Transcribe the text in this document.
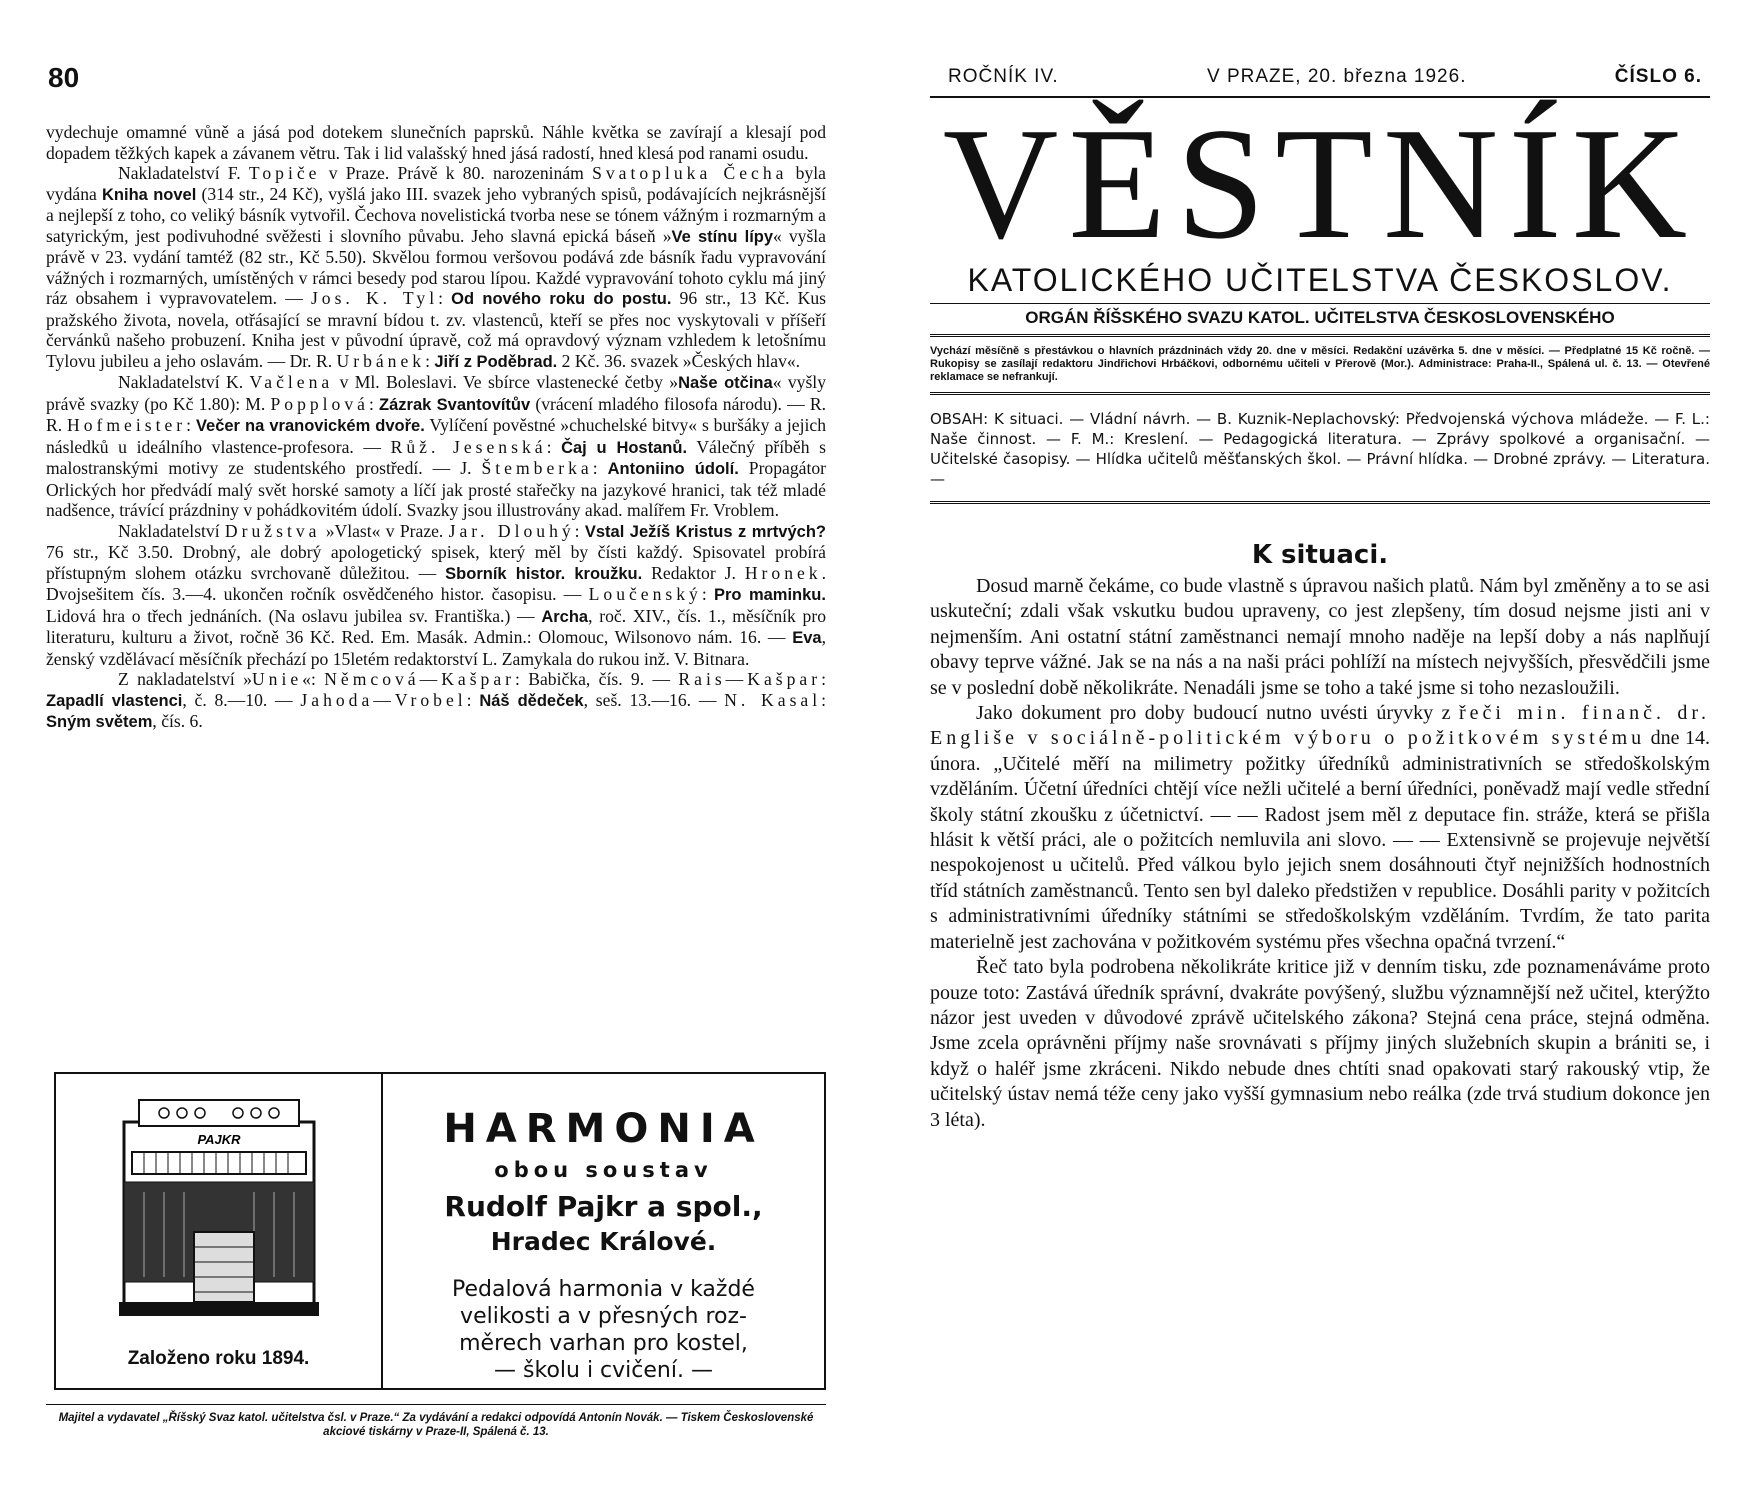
80

vydechuje omamné vůně a jásá pod dotekem slunečních paprsků. Náhle květka se zavírají a klesají pod dopadem těžkých kapek a závanem větru. Tak i lid valašský hned jásá radostí, hned klesá pod ranami osudu.

Nakladatelství F. Topiče v Praze. Právě k 80. narozeninám Svatopluka Čecha byla vydána Kniha novel (314 str., 24 Kč), vyšlá jako III. svazek jeho vybraných spisů, podávajících nejkrásnější a nejlepší z toho, co veliký básník vytvořil. Čechova novelistická tvorba nese se tónem vážným i rozmarným a satyrickým, jest podivuhodné svěžesti i slovního půvabu. Jeho slavná epická báseň »Ve stínu lípy« vyšla právě v 23. vydání tamtéž (82 str., Kč 5.50). Skvělou formou veršovou podává zde básník řadu vypravování vážných i rozmarných, umístěných v rámci besedy pod starou lípou. Každé vypravování tohoto cyklu má jiný ráz obsahem i vypravovatelem. — Jos. K. Tyl: Od nového roku do postu. 96 str., 13 Kč. Kus pražského života, novela, otřásající se mravní bídou t. zv. vlastenců, kteří se přes noc vyskytovali v příšeří červánků našeho probuzení. Kniha jest v původní úpravě, což má opravdový význam vzhledem k letošnímu Tylovu jubileu a jeho oslavám. — Dr. R. Urbánek: Jiří z Poděbrad. 2 Kč. 36. svazek »Českých hlav«.

Nakladatelství K. Vačlena v Ml. Boleslavi. Ve sbírce vlastenecké četby »Naše otčina« vyšly právě svazky (po Kč 1.80): M. Popplová: Zázrak Svantovítův (vrácení mladého filosofa národu). — R. R. Hofmeister: Večer na vranovickém dvoře. Vylíčení pověstné »chuchelské bitvy« s buršáky a jejich následků u ideálního vlastence-profesora. — Růž. Jesenská: Čaj u Hostanů. Válečný příběh s malostranskými motivy ze studentského prostředí. — J. Štemberka: Antoniino údolí. Propagátor Orlických hor předvádí malý svět horské samoty a líčí jak prosté stařečky na jazykové hranici, tak též mladé nadšence, trávící prázdniny v pohádkovitém údolí. Svazky jsou illustrovány akad. malířem Fr. Vroblem.

Nakladatelství Družstva »Vlast« v Praze. Jar. Dlouhý: Vstal Ježíš Kristus z mrtvých? 76 str., Kč 3.50. Drobný, ale dobrý apologetický spisek, který měl by čísti každý. Spisovatel probírá přístupným slohem otázku svrchovaně důležitou. — Sborník histor. kroužku. Redaktor J. Hronek. Dvojsešitem čís. 3.—4. ukončen ročník osvědčeného histor. časopisu. — Loučenský: Pro maminku. Lidová hra o třech jednáních. (Na oslavu jubilea sv. Františka.) — Archa, roč. XIV., čís. 1., měsíčník pro literaturu, kulturu a život, ročně 36 Kč. Red. Em. Masák. Admin.: Olomouc, Wilsonovo nám. 16. — Eva, ženský vzdělávací měsíčník přechází po 15letém redaktorství L. Zamykala do rukou inž. V. Bitnara.

Z nakladatelství »Unie«: Němcová—Kašpar: Babička, čís. 9. — Rais—Kašpar: Zapadlí vlastenci, č. 8.—10. — Jahoda—Vrobel: Náš dědeček, seš. 13.—16. — N. Kasal: Sným světem, čís. 6.

PAJKR
Založeno roku 1894.
HARMONIA
obou soustav
Rudolf Pajkr a spol.,
Hradec Králové.
Pedalová harmonia v každé
velikosti a v přesných roz-
měrech varhan pro kostel,
— školu i cvičení. —
Majitel a vydavatel „Říšský Svaz katol. učitelstva čsl. v Praze.“ Za vydávání a redakci odpovídá Antonín Novák. — Tiskem Československé akciové tiskárny v Praze-II, Spálená č. 13.
ROČNÍK IV.	V PRAZE, 20. března 1926.	ČÍSLO 6.
VĚSTNÍK
KATOLICKÉHO UČITELSTVA ČESKOSLOV.
ORGÁN ŘÍŠSKÉHO SVAZU KATOL. UČITELSTVA ČESKOSLOVENSKÉHO
Vychází měsíčně s přestávkou o hlavních prázdninách vždy 20. dne v měsíci. Redakční uzávěrka 5. dne v měsíci. — Předplatné 15 Kč ročně. — Rukopisy se zasílají redaktoru Jindřichovi Hrbáčkovi, odbornému učiteli v Přerově (Mor.). Administrace: Praha-II., Spálená ul. č. 13. — Otevřené reklamace se nefrankují.
OBSAH: K situaci. — Vládní návrh. — B. Kuznik-Neplachovský: Předvojenská výchova mládeže. — F. L.: Naše činnost. — F. M.: Kreslení. — Pedagogická literatura. — Zprávy spolkové a organisační. — Učitelské časopisy. — Hlídka učitelů měšťanských škol. — Právní hlídka. — Drobné zprávy. — Literatura. —
K situaci.

Dosud marně čekáme, co bude vlastně s úpravou našich platů. Nám byl změněny a to se asi uskuteční; zdali však vskutku budou upraveny, co jest zlepšeny, tím dosud nejsme jisti ani v nejmenším. Ani ostatní státní zaměstnanci nemají mnoho naděje na lepší doby a nás naplňují obavy teprve vážné. Jak se na nás a na naši práci pohlíží na místech nejvyšších, přesvědčili jsme se v poslední době několikráte. Nenadáli jsme se toho a také jsme si toho nezasloužili.

Jako dokument pro doby budoucí nutno uvésti úryvky z řeči min. finanč. dr. Engliše v sociálně-politickém výboru o požitkovém systému dne 14. února. „Učitelé měří na milimetry požitky úředníků administrativních se středoškolským vzděláním. Účetní úředníci chtějí více nežli učitelé a berní úředníci, poněvadž mají vedle střední školy státní zkoušku z účetnictví. — — Radost jsem měl z deputace fin. stráže, která se přišla hlásit k větší práci, ale o požitcích nemluvila ani slovo. — — Extensivně se projevuje největší nespokojenost u učitelů. Před válkou bylo jejich snem dosáhnouti čtyř nejnižších hodnostních tříd státních zaměstnanců. Tento sen byl daleko předstižen v republice. Dosáhli parity v požitcích s administrativními úředníky státními se středoškolským vzděláním. Tvrdím, že tato parita materielně jest zachována v požitkovém systému přes všechna opačná tvrzení.“

Řeč tato byla podrobena několikráte kritice již v denním tisku, zde poznamenáváme proto pouze toto: Zastává úředník správní, dvakráte povýšený, službu významnější než učitel, kterýžto názor jest uveden v důvodové zprávě učitelského zákona? Stejná cena práce, stejná odměna. Jsme zcela oprávněni příjmy naše srovnávati s příjmy jiných služebních skupin a brániti se, i když o haléř jsme zkráceni. Nikdo nebude dnes chtíti snad opakovati starý rakouský vtip, že učitelský ústav nemá téže ceny jako vyšší gymnasium nebo reálka (zde trvá studium dokonce jen 3 léta).
